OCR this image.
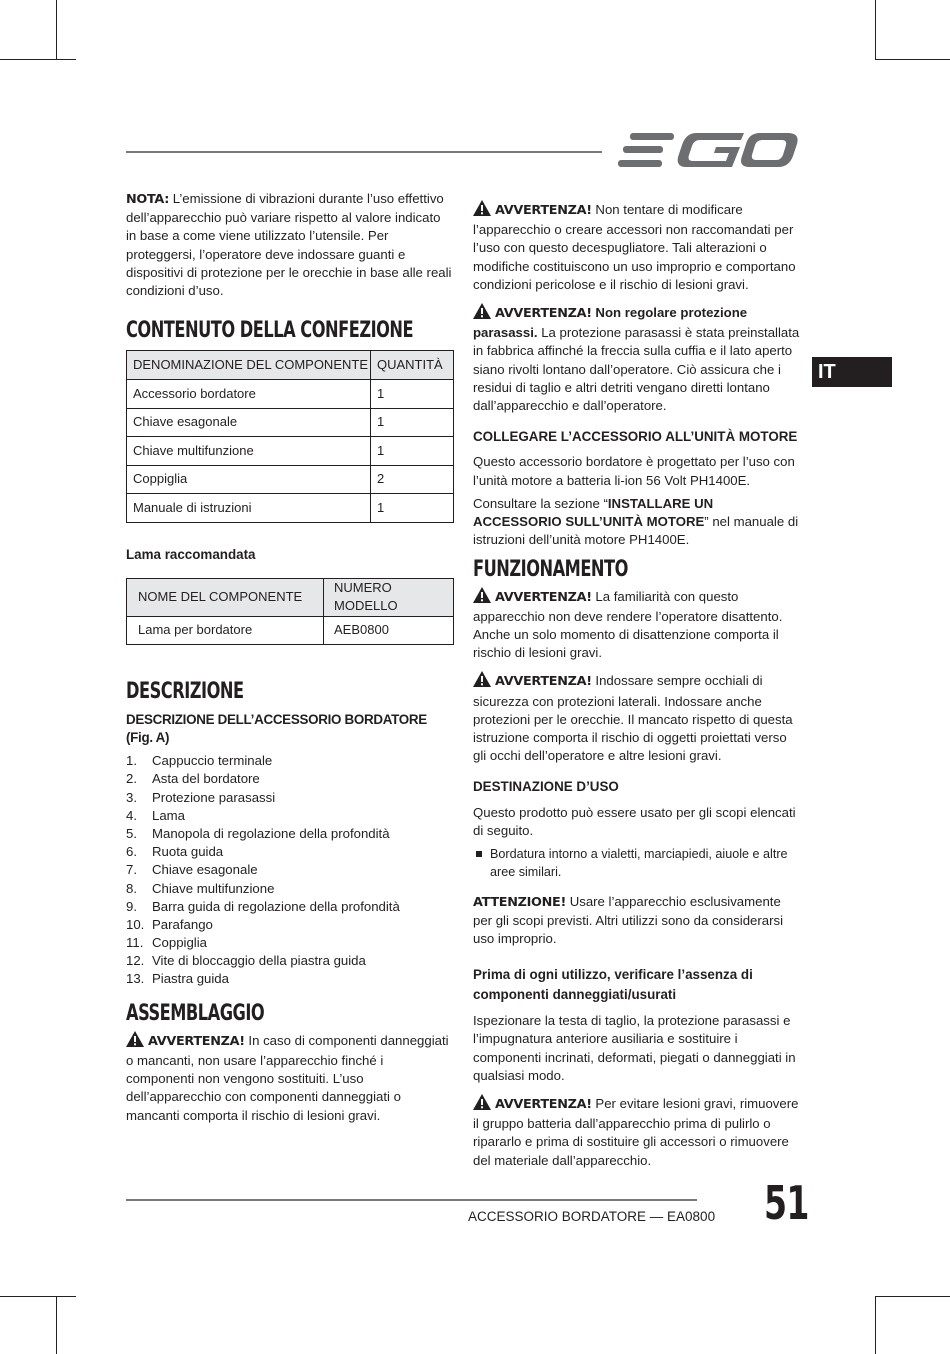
IT

NOTA: L’emissione di vibrazioni durante l’uso effettivo dell’apparecchio può variare rispetto al valore indicato in base a come viene utilizzato l’utensile. Per proteggersi, l’operatore deve indossare guanti e dispositivi di protezione per le orecchie in base alle reali condizioni d’uso.

CONTENUTO DELLA CONFEZIONE
DENOMINAZIONE DEL COMPONENTE	QUANTITÀ
Accessorio bordatore	1
Chiave esagonale	1
Chiave multifunzione	1
Coppiglia	2
Manuale di istruzioni	1
Lama raccomandata
NOME DEL COMPONENTE	NUMERO MODELLO
Lama per bordatore	AEB0800
DESCRIZIONE
DESCRIZIONE DELL’ACCESSORIO BORDATORE (Fig. A)
1. Cappuccio terminale
2. Asta del bordatore
3. Protezione parasassi
4. Lama
5. Manopola di regolazione della profondità
6. Ruota guida
7. Chiave esagonale
8. Chiave multifunzione
9. Barra guida di regolazione della profondità
10. Parafango
11. Coppiglia
12. Vite di bloccaggio della piastra guida
13. Piastra guida
ASSEMBLAGGIO

AVVERTENZA! In caso di componenti danneggiati o mancanti, non usare l’apparecchio finché i componenti non vengono sostituiti. L’uso dell’apparecchio con componenti danneggiati o mancanti comporta il rischio di lesioni gravi.

AVVERTENZA! Non tentare di modificare l’apparecchio o creare accessori non raccomandati per l’uso con questo decespugliatore. Tali alterazioni o modifiche costituiscono un uso improprio e comportano condizioni pericolose e il rischio di lesioni gravi.

AVVERTENZA! Non regolare protezione parasassi. La protezione parasassi è stata preinstallata in fabbrica affinché la freccia sulla cuffia e il lato aperto siano rivolti lontano dall’operatore. Ciò assicura che i residui di taglio e altri detriti vengano diretti lontano dall’apparecchio e dall’operatore.

COLLEGARE L’ACCESSORIO ALL’UNITÀ MOTORE

Questo accessorio bordatore è progettato per l’uso con l’unità motore a batteria li-ion 56 Volt PH1400E.

Consultare la sezione “INSTALLARE UN ACCESSORIO SULL’UNITÀ MOTORE” nel manuale di istruzioni dell’unità motore PH1400E.

FUNZIONAMENTO

AVVERTENZA! La familiarità con questo apparecchio non deve rendere l’operatore disattento. Anche un solo momento di disattenzione comporta il rischio di lesioni gravi.

AVVERTENZA! Indossare sempre occhiali di sicurezza con protezioni laterali. Indossare anche protezioni per le orecchie. Il mancato rispetto di questa istruzione comporta il rischio di oggetti proiettati verso gli occhi dell’operatore e altre lesioni gravi.

DESTINAZIONE D’USO

Questo prodotto può essere usato per gli scopi elencati di seguito.

Bordatura intorno a vialetti, marciapiedi, aiuole e altre aree similari.

ATTENZIONE! Usare l’apparecchio esclusivamente per gli scopi previsti. Altri utilizzi sono da considerarsi uso improprio.

Prima di ogni utilizzo, verificare l’assenza di componenti danneggiati/usurati

Ispezionare la testa di taglio, la protezione parasassi e l’impugnatura anteriore ausiliaria e sostituire i componenti incrinati, deformati, piegati o danneggiati in qualsiasi modo.

AVVERTENZA! Per evitare lesioni gravi, rimuovere il gruppo batteria dall’apparecchio prima di pulirlo o ripararlo e prima di sostituire gli accessori o rimuovere del materiale dall’apparecchio.

ACCESSORIO BORDATORE — EA0800 51
